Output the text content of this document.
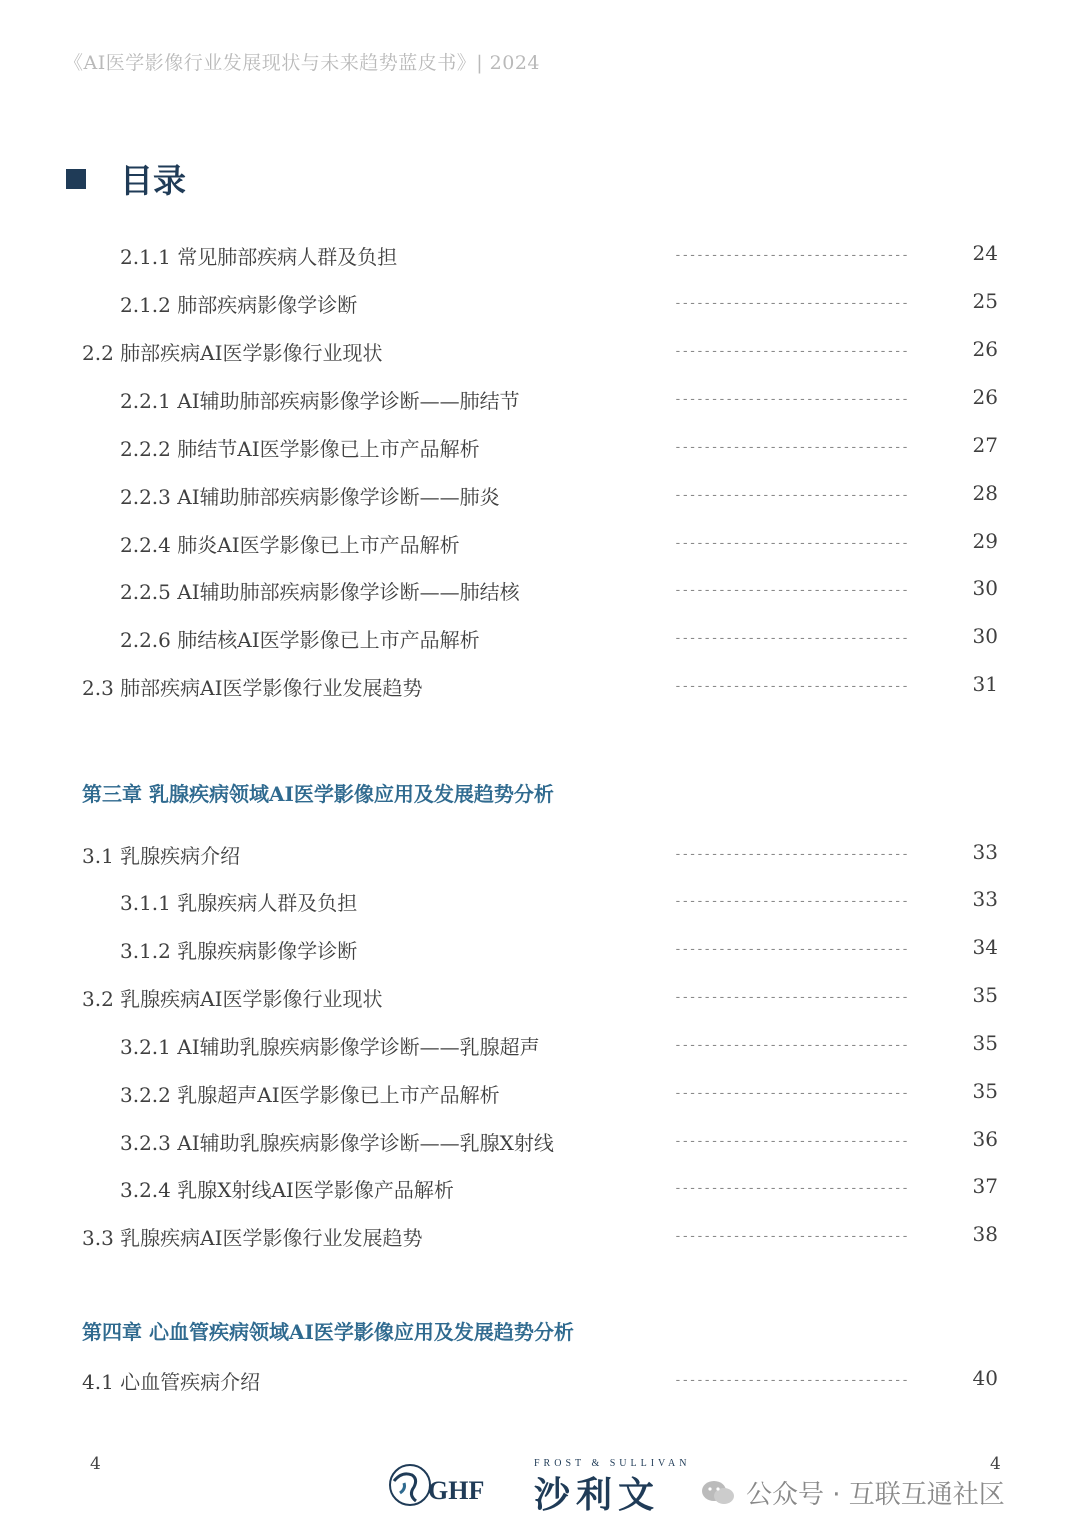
《AI医学影像行业发展现状与未来趋势蓝皮书》| 2024
目录
2.1.1 常见肺部疾病人群及负担	--------------------------------	24
2.1.2 肺部疾病影像学诊断	--------------------------------	25
2.2 肺部疾病AI医学影像行业现状	--------------------------------	26
2.2.1 AI辅助肺部疾病影像学诊断——肺结节	--------------------------------	26
2.2.2 肺结节AI医学影像已上市产品解析	--------------------------------	27
2.2.3 AI辅助肺部疾病影像学诊断——肺炎	--------------------------------	28
2.2.4 肺炎AI医学影像已上市产品解析	--------------------------------	29
2.2.5 AI辅助肺部疾病影像学诊断——肺结核	--------------------------------	30
2.2.6 肺结核AI医学影像已上市产品解析	--------------------------------	30
2.3 肺部疾病AI医学影像行业发展趋势	--------------------------------	31
第三章 乳腺疾病领域AI医学影像应用及发展趋势分析
3.1 乳腺疾病介绍	--------------------------------	33
3.1.1 乳腺疾病人群及负担	--------------------------------	33
3.1.2 乳腺疾病影像学诊断	--------------------------------	34
3.2 乳腺疾病AI医学影像行业现状	--------------------------------	35
3.2.1 AI辅助乳腺疾病影像学诊断——乳腺超声	--------------------------------	35
3.2.2 乳腺超声AI医学影像已上市产品解析	--------------------------------	35
3.2.3 AI辅助乳腺疾病影像学诊断——乳腺X射线	--------------------------------	36
3.2.4 乳腺X射线AI医学影像产品解析	--------------------------------	37
3.3 乳腺疾病AI医学影像行业发展趋势	--------------------------------	38
第四章 心血管疾病领域AI医学影像应用及发展趋势分析
4.1 心血管疾病介绍	--------------------------------	40
4	4
GHF
FROST & SULLIVAN
沙利文	公众号 · 互联互通社区
